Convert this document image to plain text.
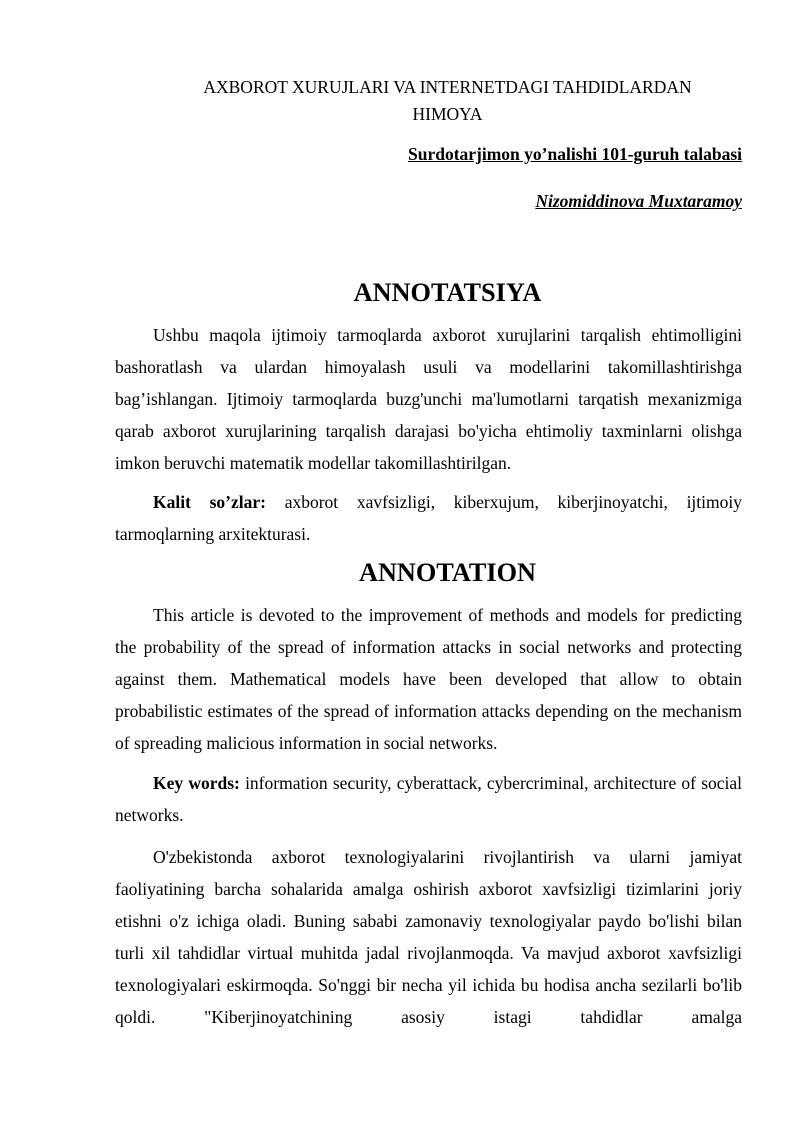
AXBOROT XURUJLARI VA INTERNETDAGI TAHDIDLARDAN
HIMOYA

Surdotarjimon yo’nalishi 101-guruh talabasi

Nizomiddinova Muxtaramoy

ANNOTATSIYA

Ushbu maqola ijtimoiy tarmoqlarda axborot xurujlarini tarqalish ehtimolligini bashoratlash va ulardan himoyalash usuli va modellarini takomillashtirishga bag’ishlangan. Ijtimoiy tarmoqlarda buzg'unchi ma'lumotlarni tarqatish mexanizmiga qarab axborot xurujlarining tarqalish darajasi bo'yicha ehtimoliy taxminlarni olishga imkon beruvchi matematik modellar takomillashtirilgan.

Kalit so’zlar: axborot xavfsizligi, kiberxujum, kiberjinoyatchi, ijtimoiy tarmoqlarning arxitekturasi.

ANNOTATION

This article is devoted to the improvement of methods and models for predicting the probability of the spread of information attacks in social networks and protecting against them. Mathematical models have been developed that allow to obtain probabilistic estimates of the spread of information attacks depending on the mechanism of spreading malicious information in social networks.

Key words: information security, cyberattack, cybercriminal, architecture of social networks.

O'zbekistonda axborot texnologiyalarini rivojlantirish va ularni jamiyat faoliyatining barcha sohalarida amalga oshirish axborot xavfsizligi tizimlarini joriy etishni o'z ichiga oladi. Buning sababi zamonaviy texnologiyalar paydo bo'lishi bilan turli xil tahdidlar virtual muhitda jadal rivojlanmoqda. Va mavjud axborot xavfsizligi texnologiyalari eskirmoqda. So'nggi bir necha yil ichida bu hodisa ancha sezilarli bo'lib qoldi. "Kiberjinoyatchining asosiy istagi tahdidlar amalga
